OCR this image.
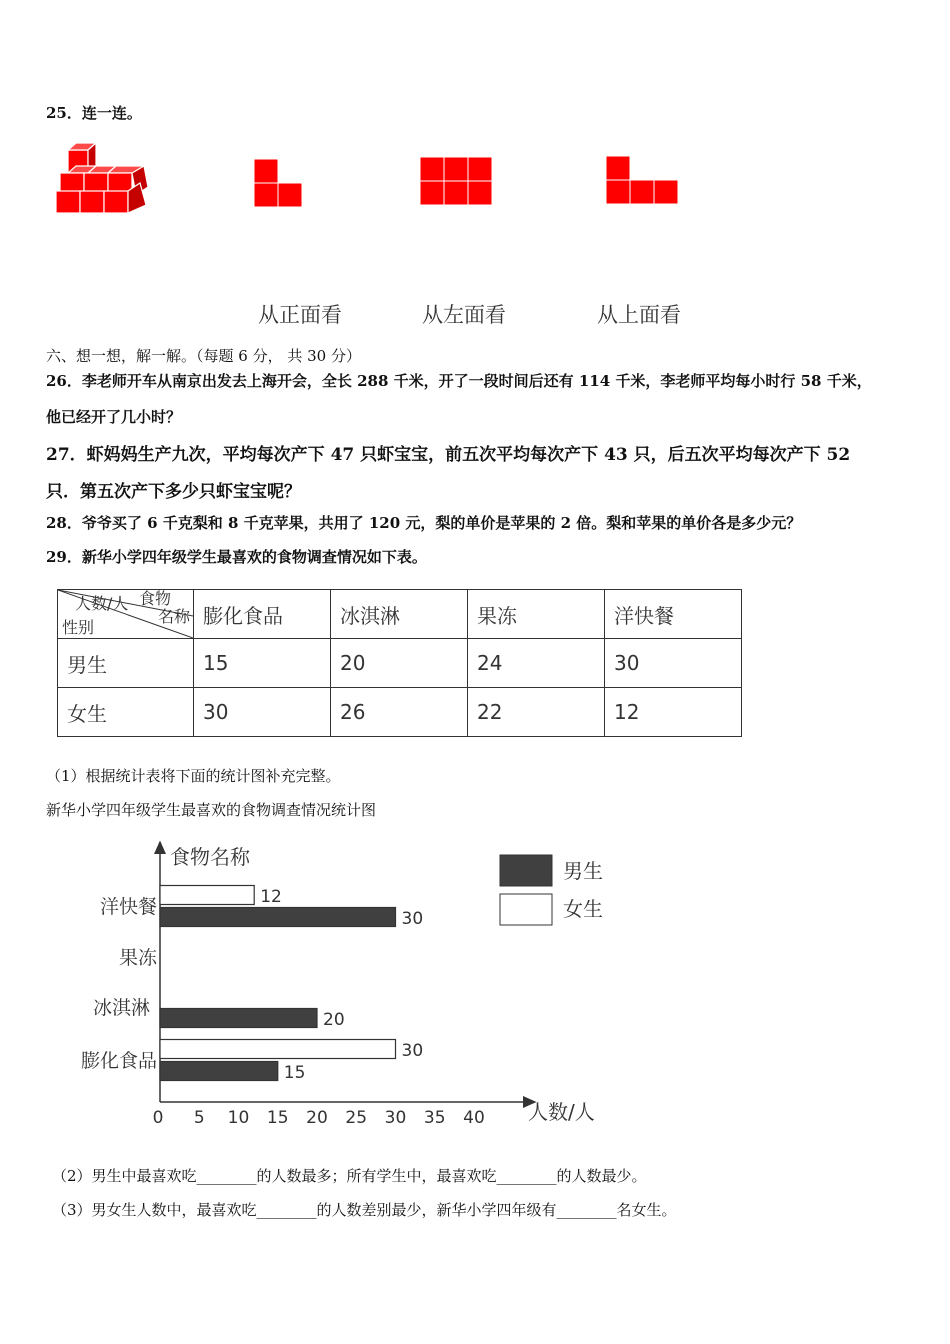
25．连一连。
从正面看	从左面看	从上面看
六、想一想，解一解。（每题 6 分， 共 30 分）
26．李老师开车从南京出发去上海开会，全长 288 千米，开了一段时间后还有 114 千米，李老师平均每小时行 58 千米，
他已经开了几小时？
27．虾妈妈生产九次，平均每次产下 47 只虾宝宝，前五次平均每次产下 43 只，后五次平均每次产下 52
只．第五次产下多少只虾宝宝呢？
28．爷爷买了 6 千克梨和 8 千克苹果，共用了 120 元，梨的单价是苹果的 2 倍。梨和苹果的单价各是多少元？
29．新华小学四年级学生最喜欢的食物调查情况如下表。
人数/人 食物
名称
性别	膨化食品	冰淇淋	果冻	洋快餐
男生	15	20	24	30
女生	30	26	22	12
（1）根据统计表将下面的统计图补充完整。
新华小学四年级学生最喜欢的食物调查情况统计图
食物名称
人数/人
0 5 10 15 20 25 30 35 40
膨化食品
冰淇淋
果冻
洋快餐
15
20
30
30
12
男生
女生
（2）男生中最喜欢吃________的人数最多；所有学生中，最喜欢吃________的人数最少。
（3）男女生人数中，最喜欢吃________的人数差别最少，新华小学四年级有________名女生。
